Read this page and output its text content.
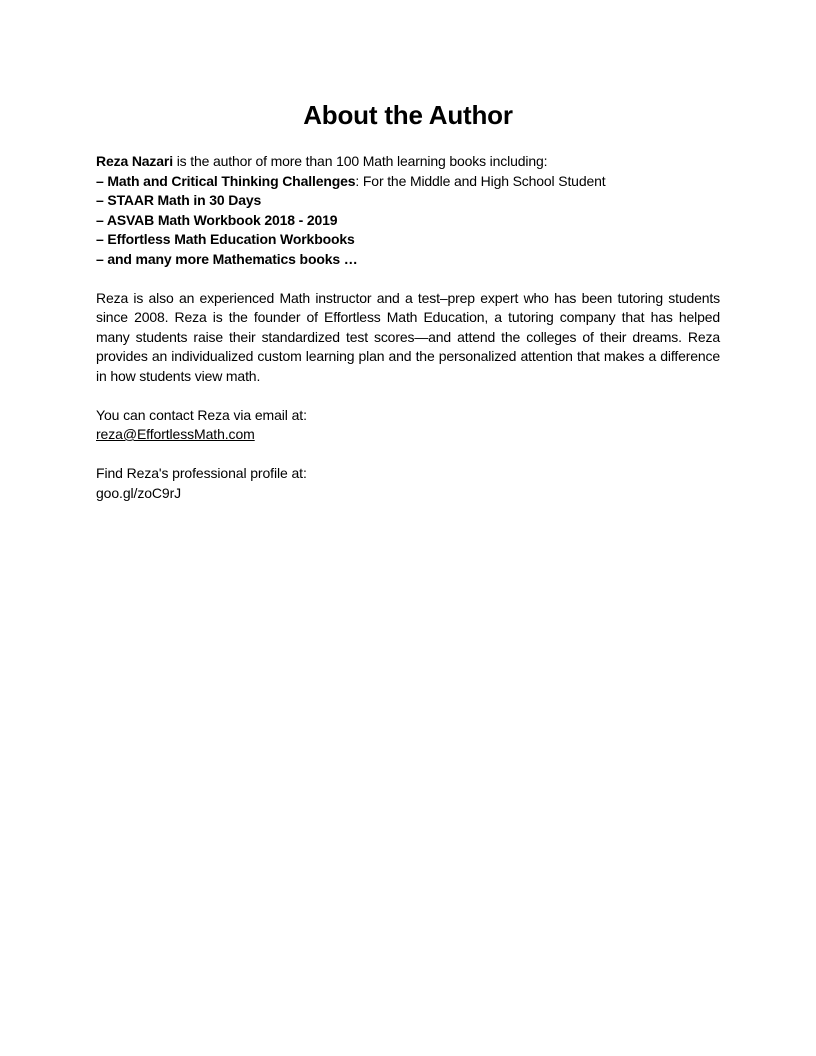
About the Author
Reza Nazari is the author of more than 100 Math learning books including:
– Math and Critical Thinking Challenges: For the Middle and High School Student
– STAAR Math in 30 Days
– ASVAB Math Workbook 2018 - 2019
– Effortless Math Education Workbooks
– and many more Mathematics books …

Reza is also an experienced Math instructor and a test–prep expert who has been tutoring students since 2008. Reza is the founder of Effortless Math Education, a tutoring company that has helped many students raise their standardized test scores—and attend the colleges of their dreams. Reza provides an individualized custom learning plan and the personalized attention that makes a difference in how students view math.

You can contact Reza via email at:
reza@EffortlessMath.com
Find Reza's professional profile at:
goo.gl/zoC9rJ
